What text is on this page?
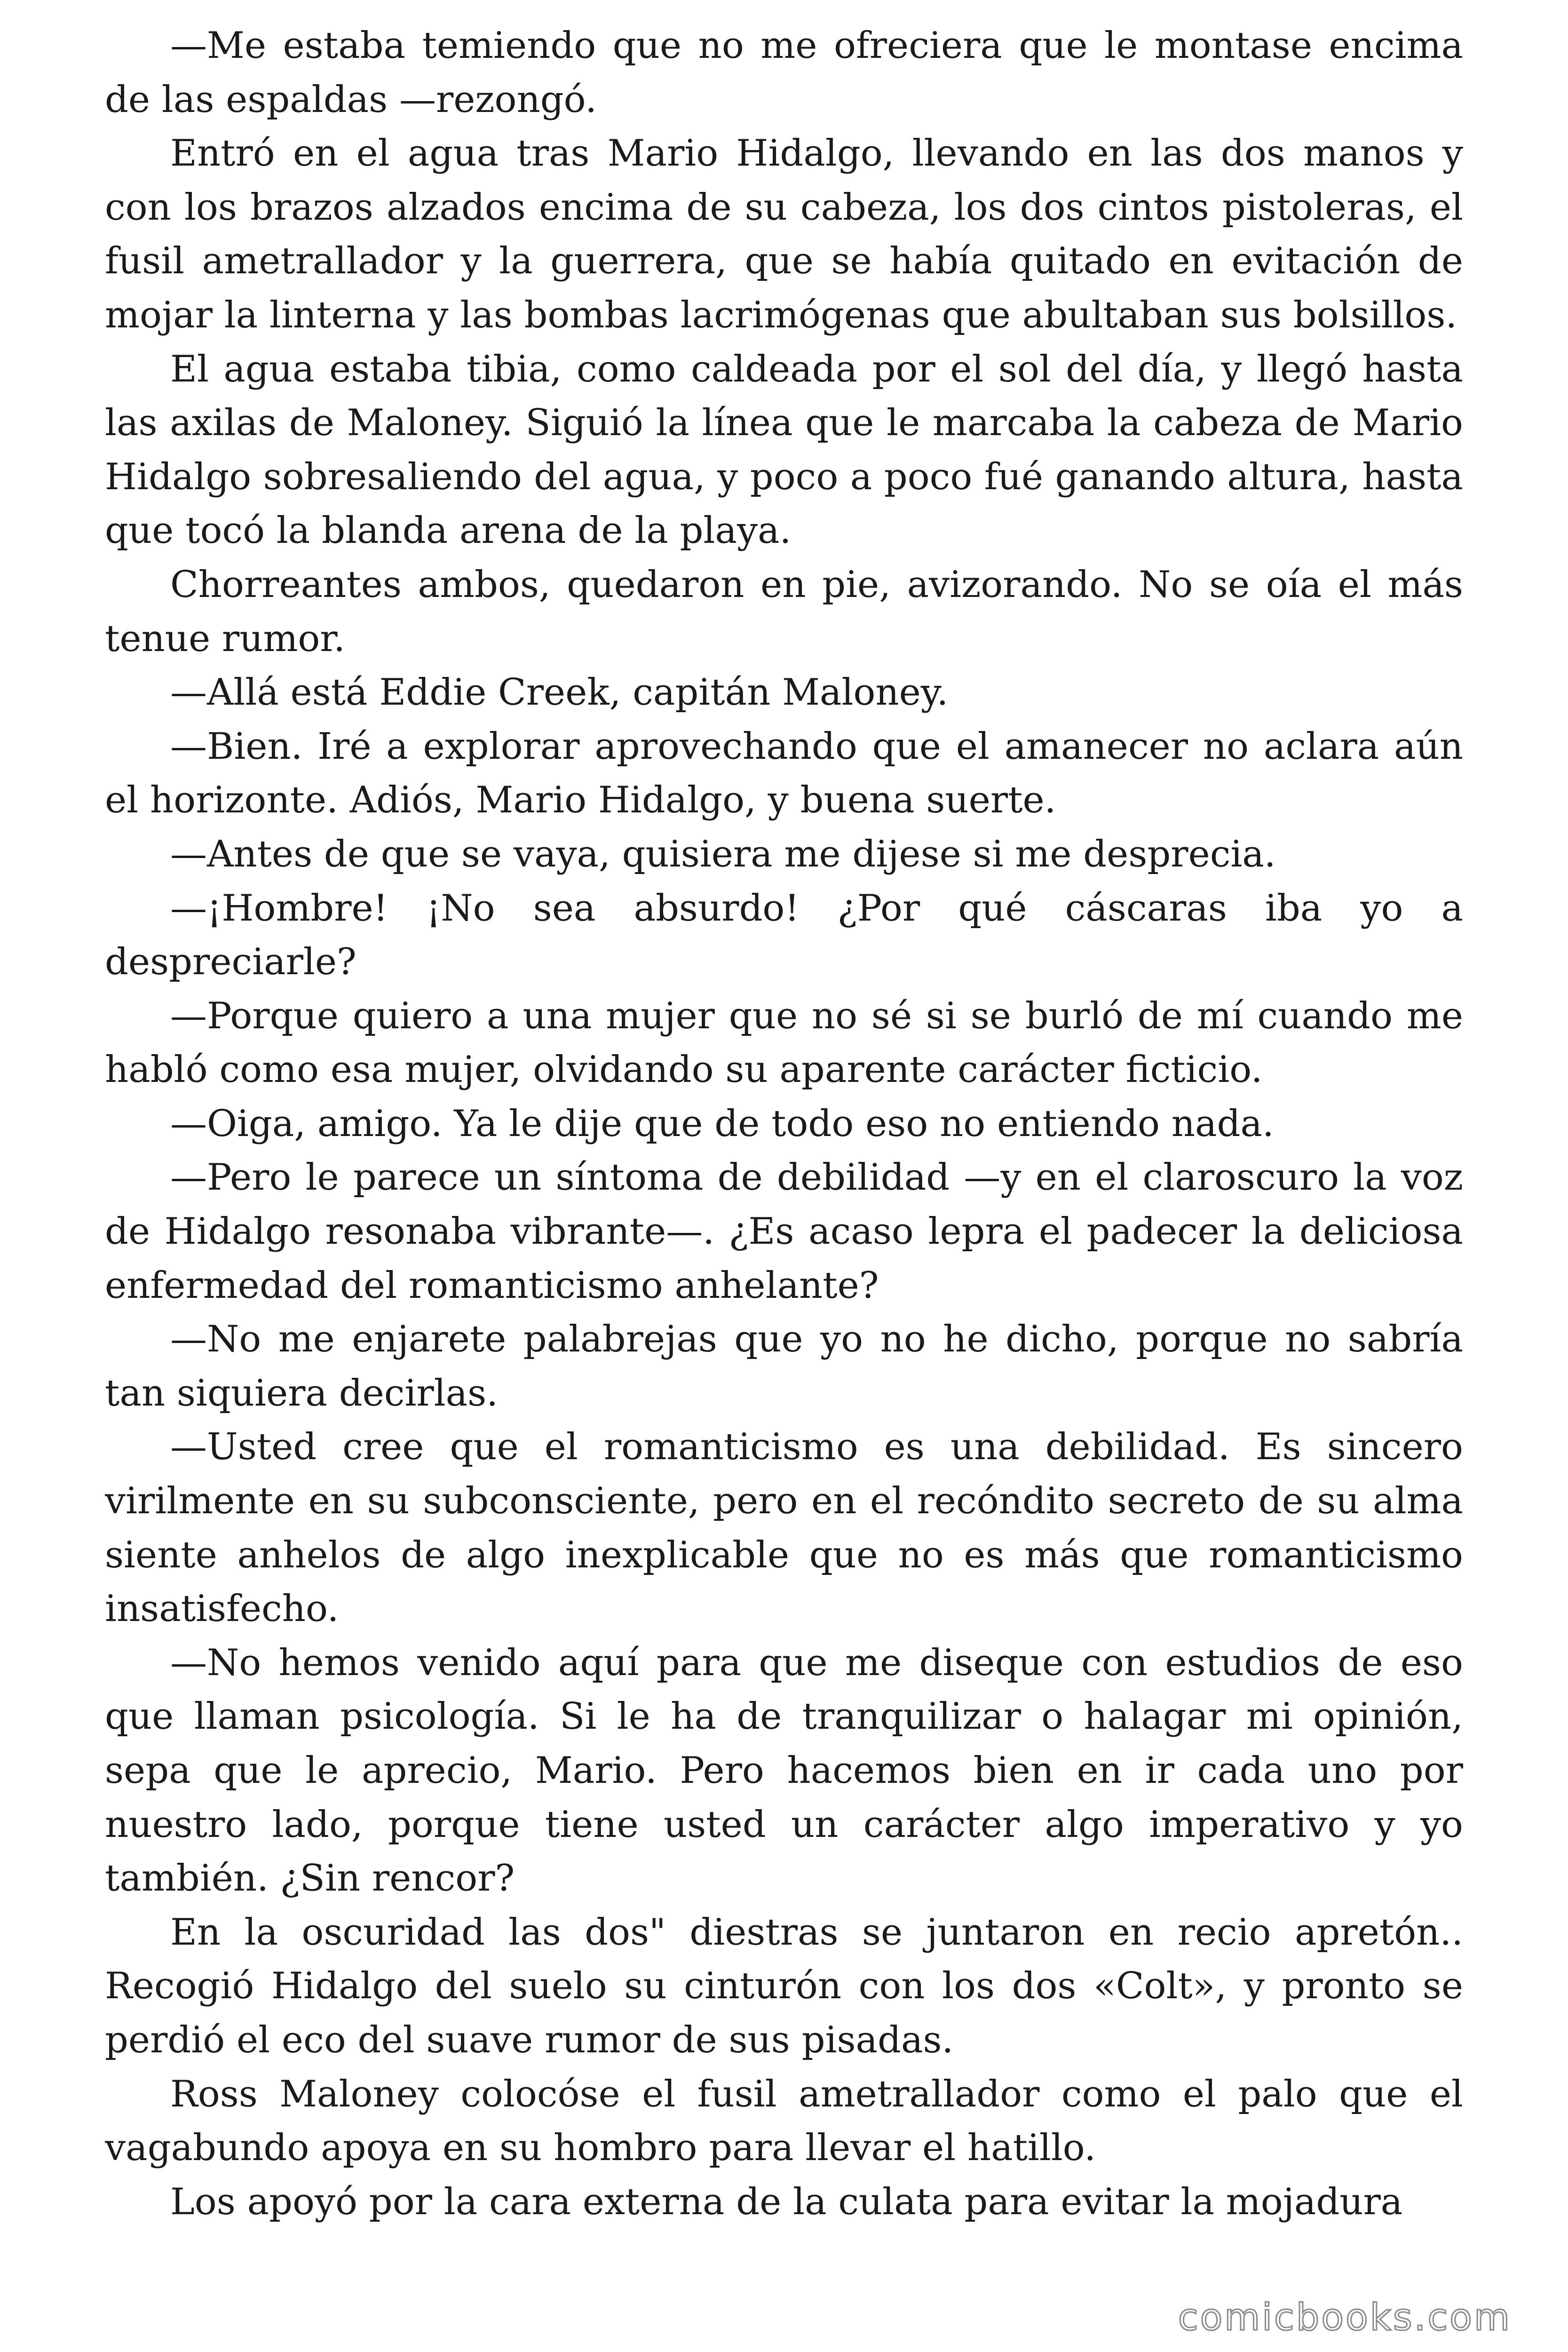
—Me estaba temiendo que no me ofreciera que le montase encima de las espaldas —rezongó.

Entró en el agua tras Mario Hidalgo, llevando en las dos manos y con los brazos alzados encima de su cabeza, los dos cintos pistoleras, el fusil ametrallador y la guerrera, que se había quitado en evitación de mojar la linterna y las bombas lacrimógenas que abultaban sus bolsillos.

El agua estaba tibia, como caldeada por el sol del día, y llegó hasta las axilas de Maloney. Siguió la línea que le marcaba la cabeza de Mario Hidalgo sobresaliendo del agua, y poco a poco fué ganando altura, hasta que tocó la blanda arena de la playa.

Chorreantes ambos, quedaron en pie, avizorando. No se oía el más tenue rumor.

—Allá está Eddie Creek, capitán Maloney.

—Bien. Iré a explorar aprovechando que el amanecer no aclara aún el horizonte. Adiós, Mario Hidalgo, y buena suerte.

—Antes de que se vaya, quisiera me dijese si me desprecia.

—¡Hombre! ¡No sea absurdo! ¿Por qué cáscaras iba yo a despreciarle?

—Porque quiero a una mujer que no sé si se burló de mí cuando me habló como esa mujer, olvidando su aparente carácter ficticio.

—Oiga, amigo. Ya le dije que de todo eso no entiendo nada.

—Pero le parece un síntoma de debilidad —y en el claroscuro la voz de Hidalgo resonaba vibrante—. ¿Es acaso lepra el padecer la deliciosa enfermedad del romanticismo anhelante?

—No me enjarete palabrejas que yo no he dicho, porque no sabría tan siquiera decirlas.

—Usted cree que el romanticismo es una debilidad. Es sincero virilmente en su subconsciente, pero en el recóndito secreto de su alma siente anhelos de algo inexplicable que no es más que romanticismo insatisfecho.

—No hemos venido aquí para que me diseque con estudios de eso que llaman psicología. Si le ha de tranquilizar o halagar mi opinión, sepa que le aprecio, Mario. Pero hacemos bien en ir cada uno por nuestro lado, porque tiene usted un carácter algo imperativo y yo también. ¿Sin rencor?

En la oscuridad las dos" diestras se juntaron en recio apretón.. Recogió Hidalgo del suelo su cinturón con los dos «Colt», y pronto se perdió el eco del suave rumor de sus pisadas.

Ross Maloney colocóse el fusil ametrallador como el palo que el vagabundo apoya en su hombro para llevar el hatillo.

Los apoyó por la cara externa de la culata para evitar la mojadura

comicbooks.com
